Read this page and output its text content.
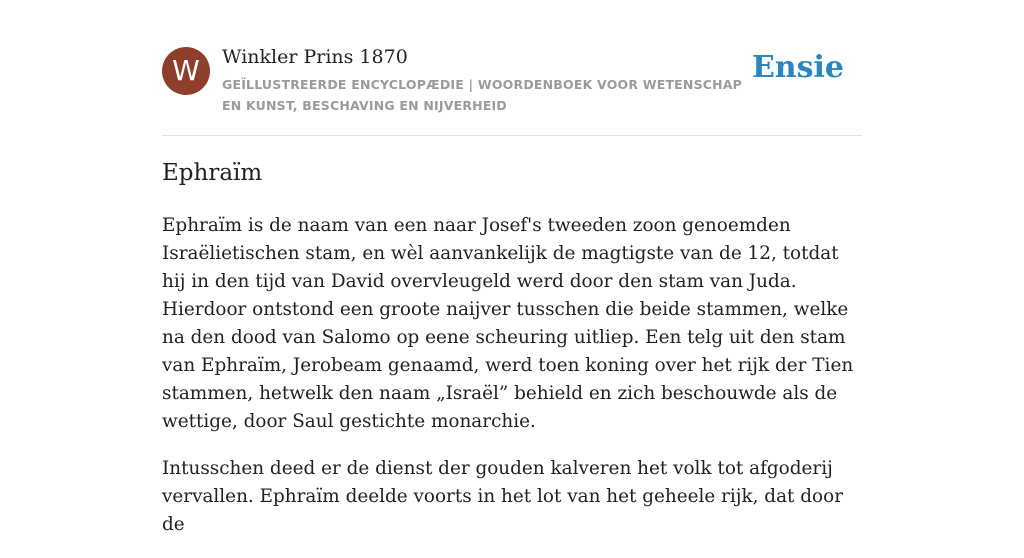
W	Winkler Prins 1870
GEÏLLUSTREERDE ENCYCLOPÆDIE | WOORDENBOEK VOOR WETENSCHAP EN KUNST, BESCHAVING EN NIJVERHEID
Ensie
Ephraïm

Ephraïm is de naam van een naar Josef's tweeden zoon genoemden Israëlietischen stam, en wèl aanvankelijk de magtigste van de 12, totdat hij in den tijd van David overvleugeld werd door den stam van Juda. Hierdoor ontstond een groote naijver tusschen die beide stammen, welke na den dood van Salomo op eene scheuring uitliep. Een telg uit den stam van Ephraïm, Jerobeam genaamd, werd toen koning over het rijk der Tien stammen, hetwelk den naam „Israël” behield en zich beschouwde als de wettige, door Saul gestichte monarchie.

Intusschen deed er de dienst der gouden kalveren het volk tot afgoderij vervallen. Ephraïm deelde voorts in het lot van het geheele rijk, dat door de
